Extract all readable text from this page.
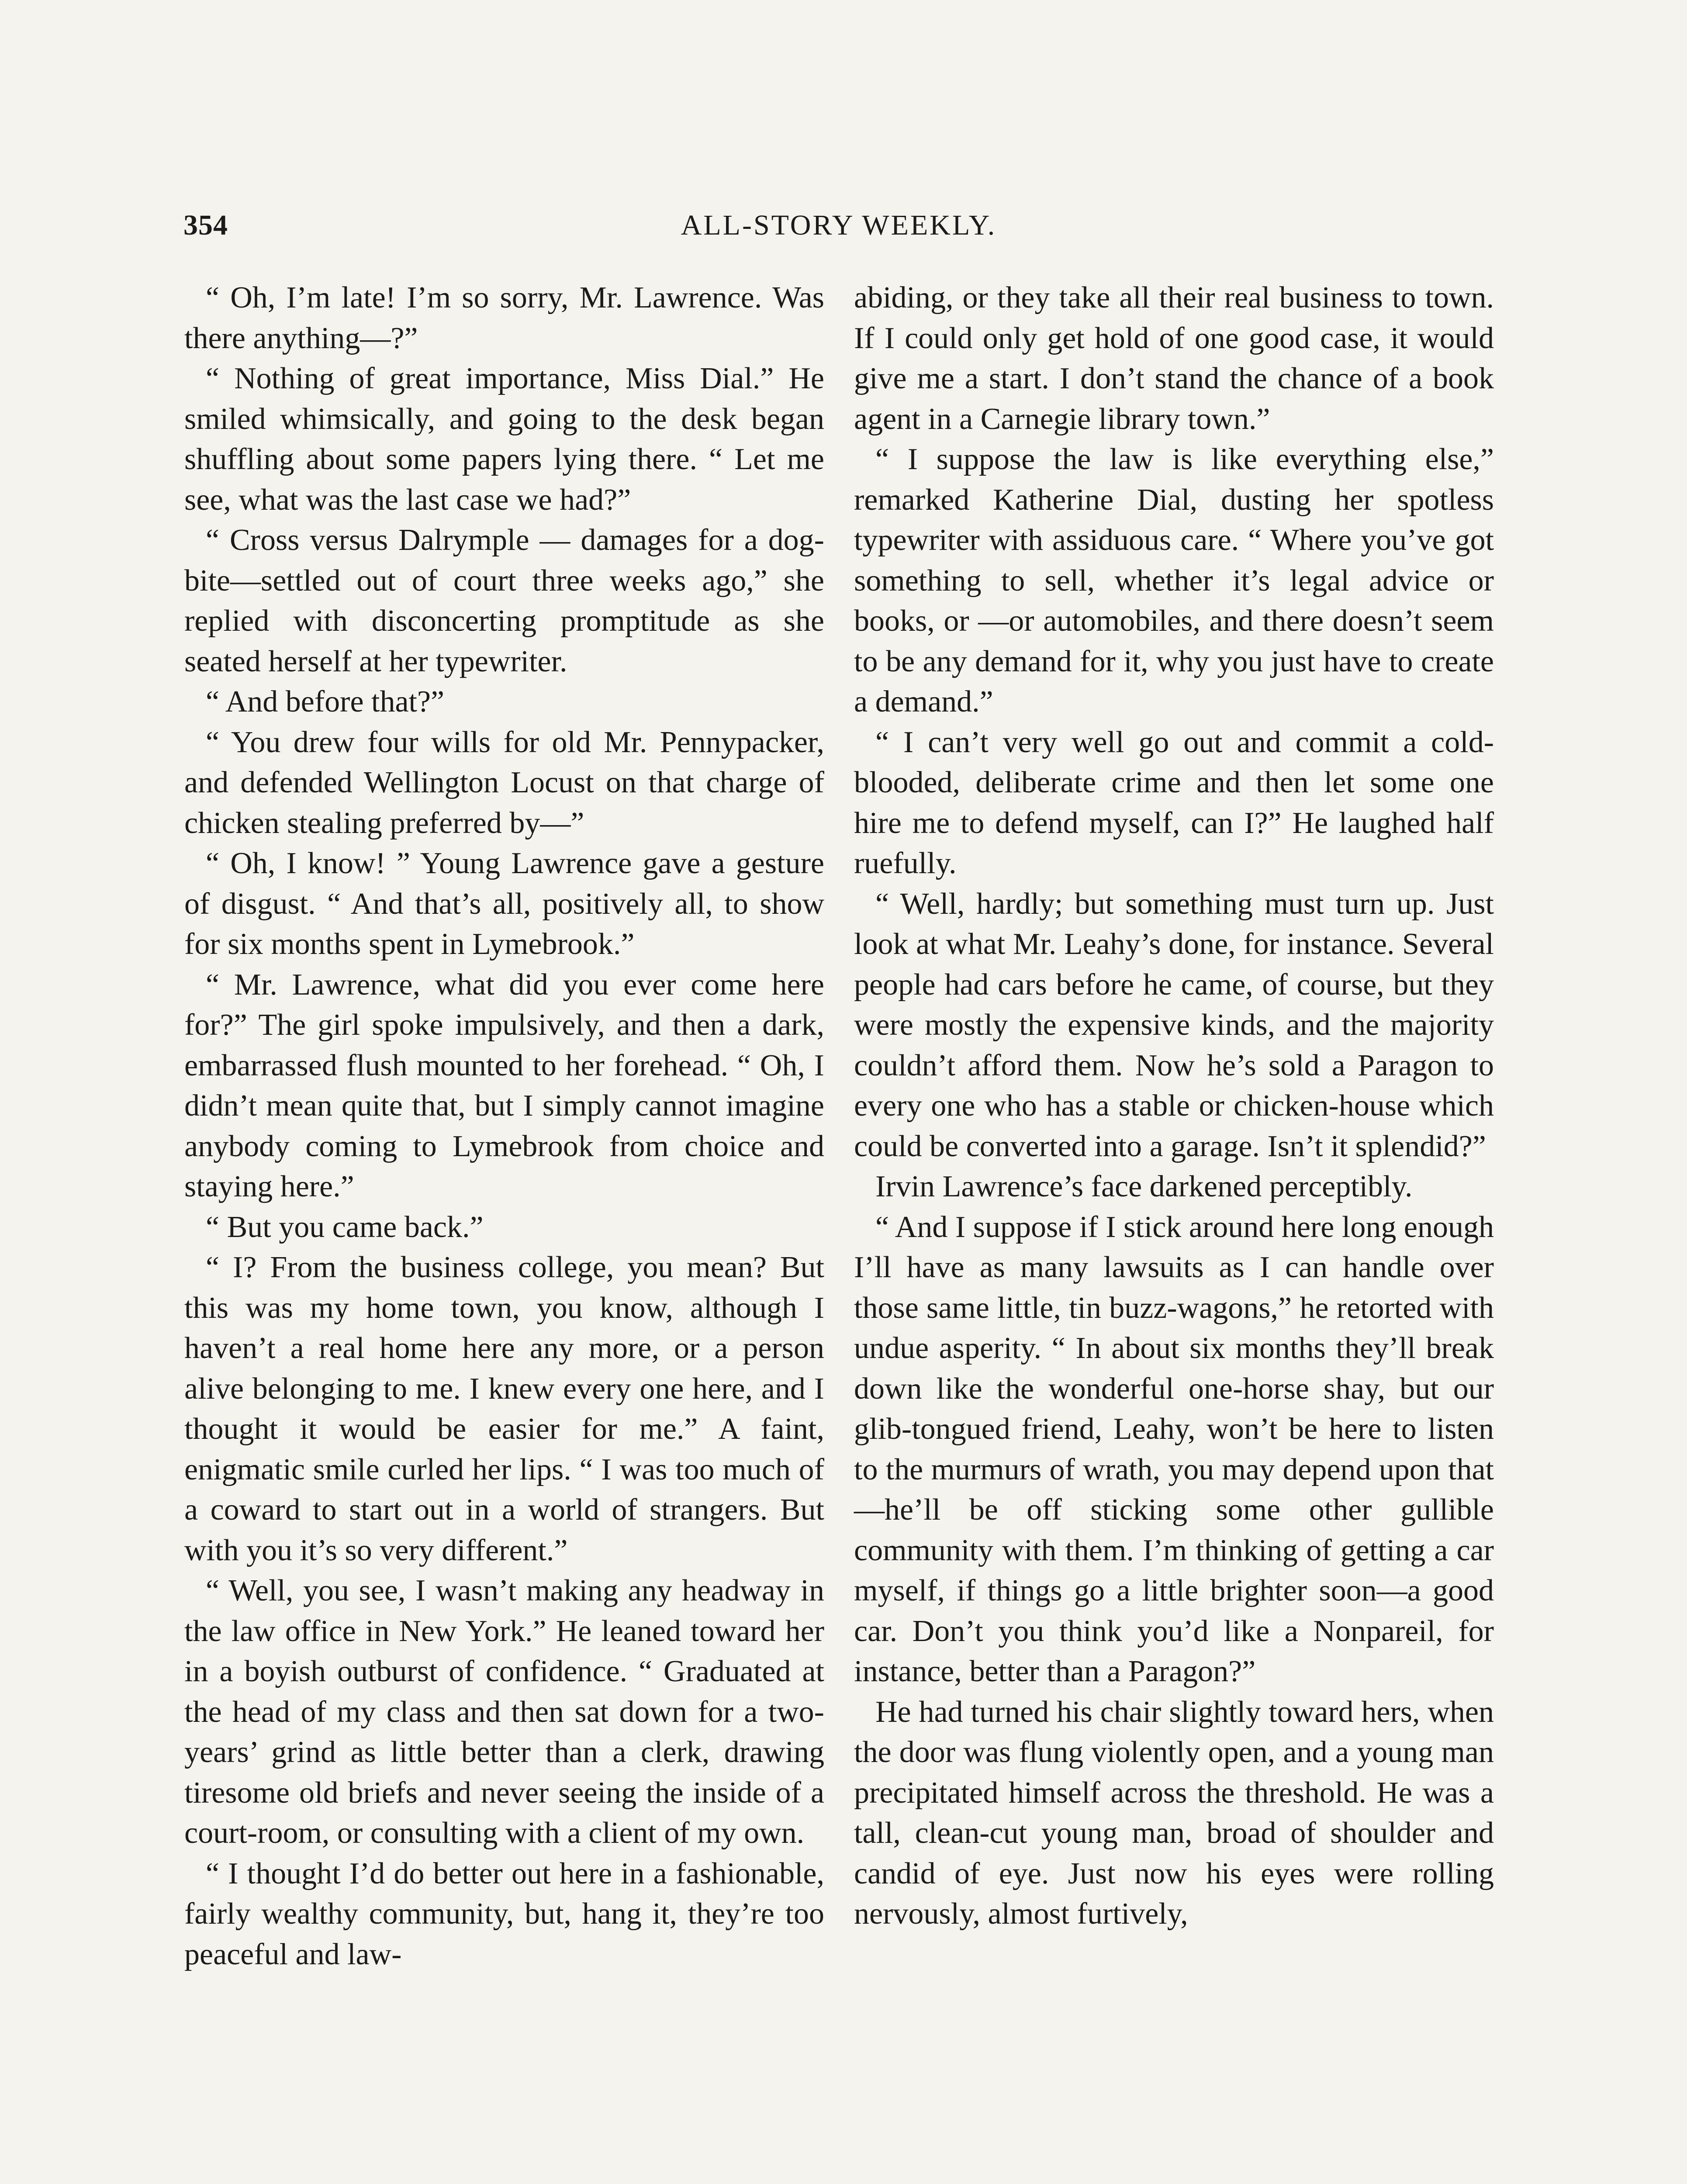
354	ALL-STORY WEEKLY.

“ Oh, I’m late! I’m so sorry, Mr. Lawrence. Was there anything—?”

“ Nothing of great importance, Miss Dial.” He smiled whimsically, and going to the desk began shuffling about some papers lying there. “ Let me see, what was the last case we had?”

“ Cross versus Dalrymple — damages for a dog-bite—settled out of court three weeks ago,” she replied with disconcerting promptitude as she seated herself at her typewriter.

“ And before that?”

“ You drew four wills for old Mr. Pennypacker, and defended Wellington Locust on that charge of chicken stealing preferred by—”

“ Oh, I know! ” Young Lawrence gave a gesture of disgust. “ And that’s all, positively all, to show for six months spent in Lymebrook.”

“ Mr. Lawrence, what did you ever come here for?” The girl spoke impulsively, and then a dark, embarrassed flush mounted to her forehead. “ Oh, I didn’t mean quite that, but I simply cannot imagine anybody coming to Lymebrook from choice and staying here.”

“ But you came back.”

“ I? From the business college, you mean? But this was my home town, you know, although I haven’t a real home here any more, or a person alive belonging to me. I knew every one here, and I thought it would be easier for me.” A faint, enigmatic smile curled her lips. “ I was too much of a coward to start out in a world of strangers. But with you it’s so very different.”

“ Well, you see, I wasn’t making any headway in the law office in New York.” He leaned toward her in a boyish outburst of confidence. “ Graduated at the head of my class and then sat down for a two-years’ grind as little better than a clerk, drawing tiresome old briefs and never seeing the inside of a court-room, or consulting with a client of my own.

“ I thought I’d do better out here in a fashionable, fairly wealthy community, but, hang it, they’re too peaceful and law-

abiding, or they take all their real business to town. If I could only get hold of one good case, it would give me a start. I don’t stand the chance of a book agent in a Carnegie library town.”

“ I suppose the law is like everything else,” remarked Katherine Dial, dusting her spotless typewriter with assiduous care. “ Where you’ve got something to sell, whether it’s legal advice or books, or —or automobiles, and there doesn’t seem to be any demand for it, why you just have to create a demand.”

“ I can’t very well go out and commit a cold-blooded, deliberate crime and then let some one hire me to defend myself, can I?” He laughed half ruefully.

“ Well, hardly; but something must turn up. Just look at what Mr. Leahy’s done, for instance. Several people had cars before he came, of course, but they were mostly the expensive kinds, and the majority couldn’t afford them. Now he’s sold a Paragon to every one who has a stable or chicken-house which could be converted into a garage. Isn’t it splendid?”

Irvin Lawrence’s face darkened perceptibly.

“ And I suppose if I stick around here long enough I’ll have as many lawsuits as I can handle over those same little, tin buzz-wagons,” he retorted with undue asperity. “ In about six months they’ll break down like the wonderful one-horse shay, but our glib-tongued friend, Leahy, won’t be here to listen to the murmurs of wrath, you may depend upon that—he’ll be off sticking some other gullible community with them. I’m thinking of getting a car myself, if things go a little brighter soon—a good car. Don’t you think you’d like a Nonpareil, for instance, better than a Paragon?”

He had turned his chair slightly toward hers, when the door was flung violently open, and a young man precipitated himself across the threshold. He was a tall, clean-cut young man, broad of shoulder and candid of eye. Just now his eyes were rolling nervously, almost furtively,
